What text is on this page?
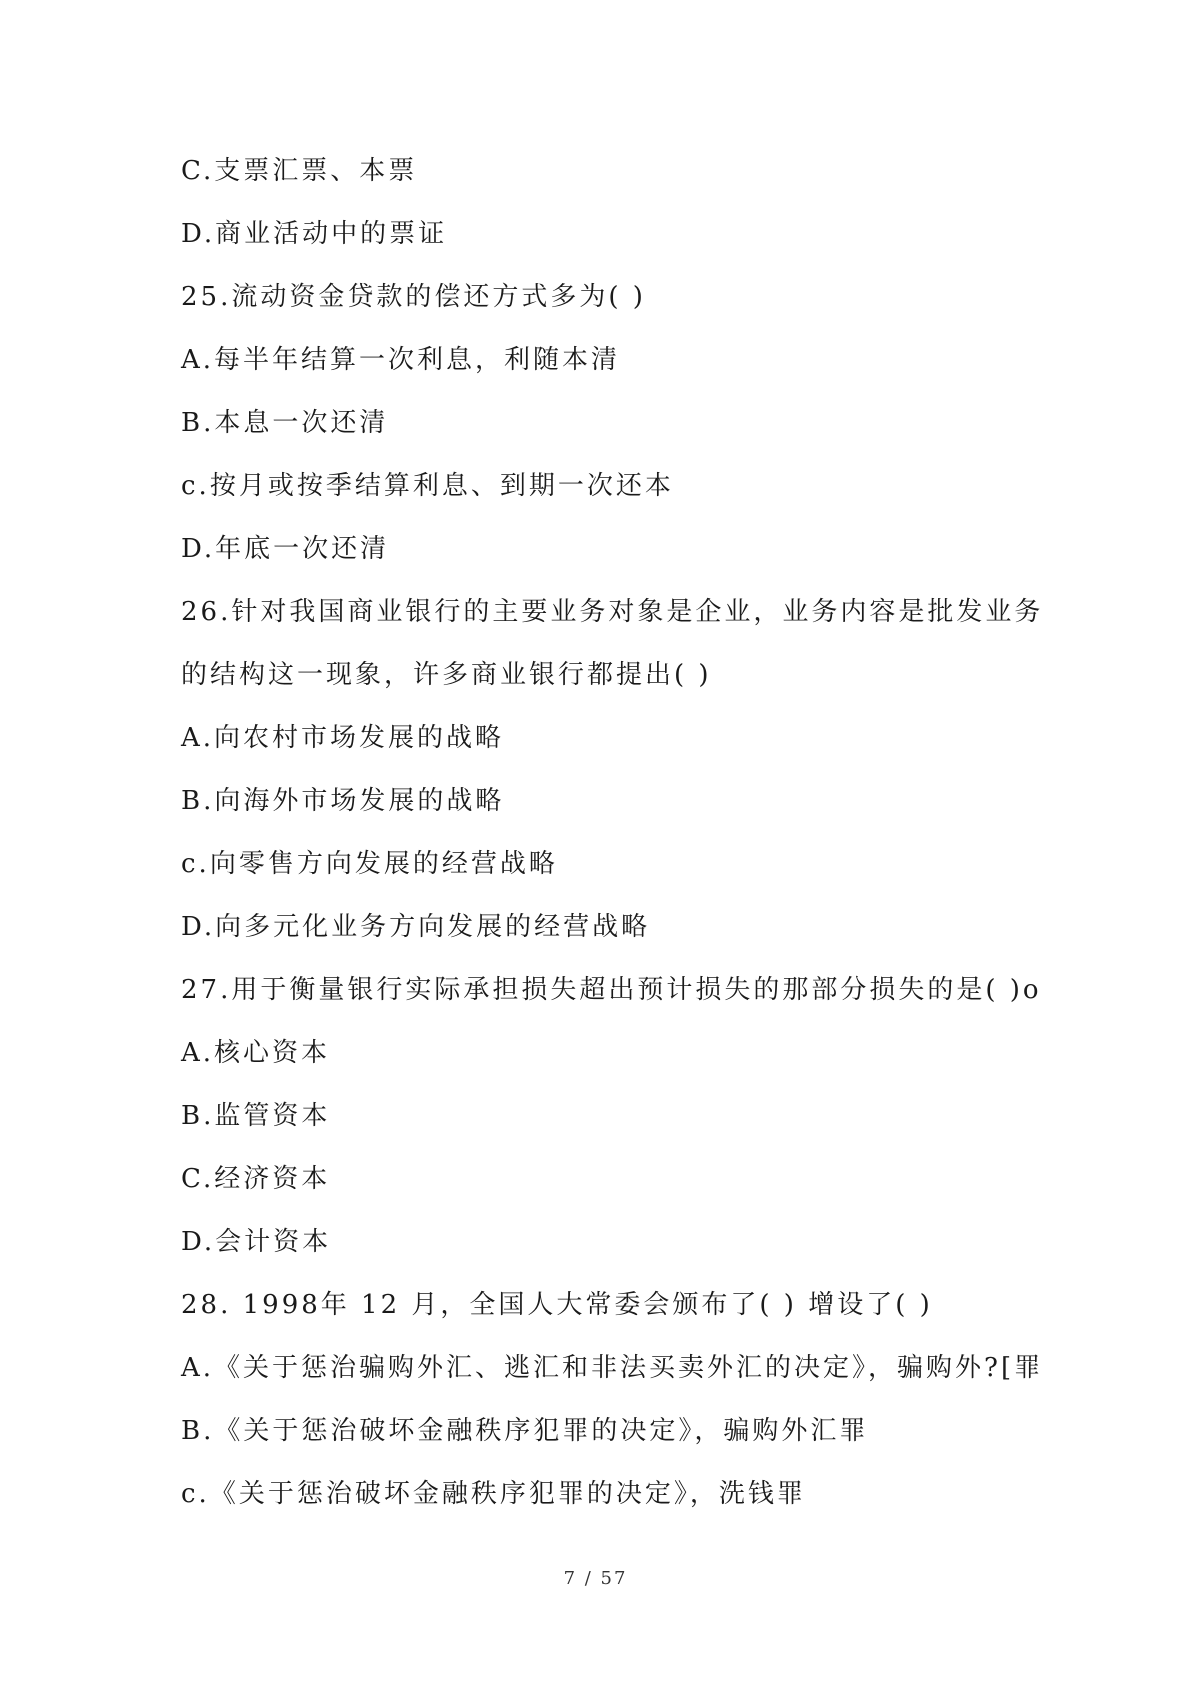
C.支票汇票、本票
D.商业活动中的票证
25.流动资金贷款的偿还方式多为( )
A.每半年结算一次利息，利随本清
B.本息一次还清
c.按月或按季结算利息、到期一次还本
D.年底一次还清
26.针对我国商业银行的主要业务对象是企业，业务内容是批发业务
的结构这一现象，许多商业银行都提出( )
A.向农村市场发展的战略
B.向海外市场发展的战略
c.向零售方向发展的经营战略
D.向多元化业务方向发展的经营战略
27.用于衡量银行实际承担损失超出预计损失的那部分损失的是( )o
A.核心资本
B.监管资本
C.经济资本
D.会计资本
28. 1998年 12 月，全国人大常委会颁布了( ) 增设了( )
A.《关于惩治骗购外汇、逃汇和非法买卖外汇的决定》，骗购外?[罪
B.《关于惩治破坏金融秩序犯罪的决定》，骗购外汇罪
c.《关于惩治破坏金融秩序犯罪的决定》，洗钱罪
7 / 57
